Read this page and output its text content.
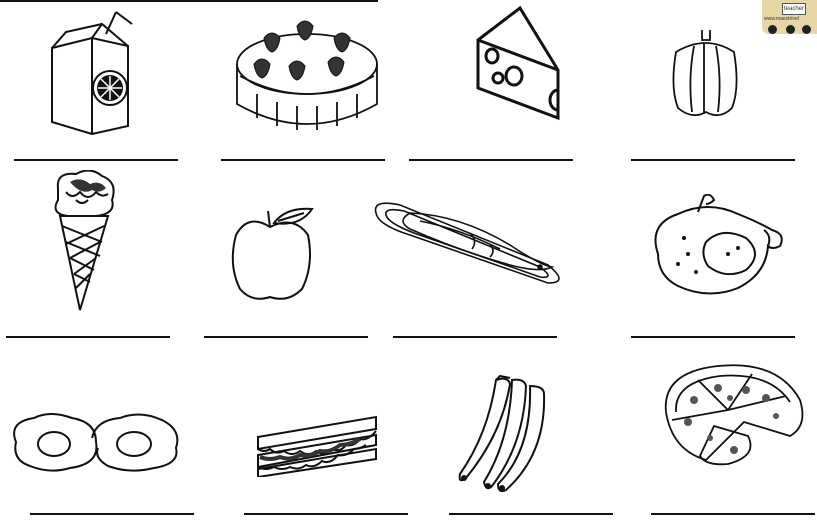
teacher
www.maestrinel
